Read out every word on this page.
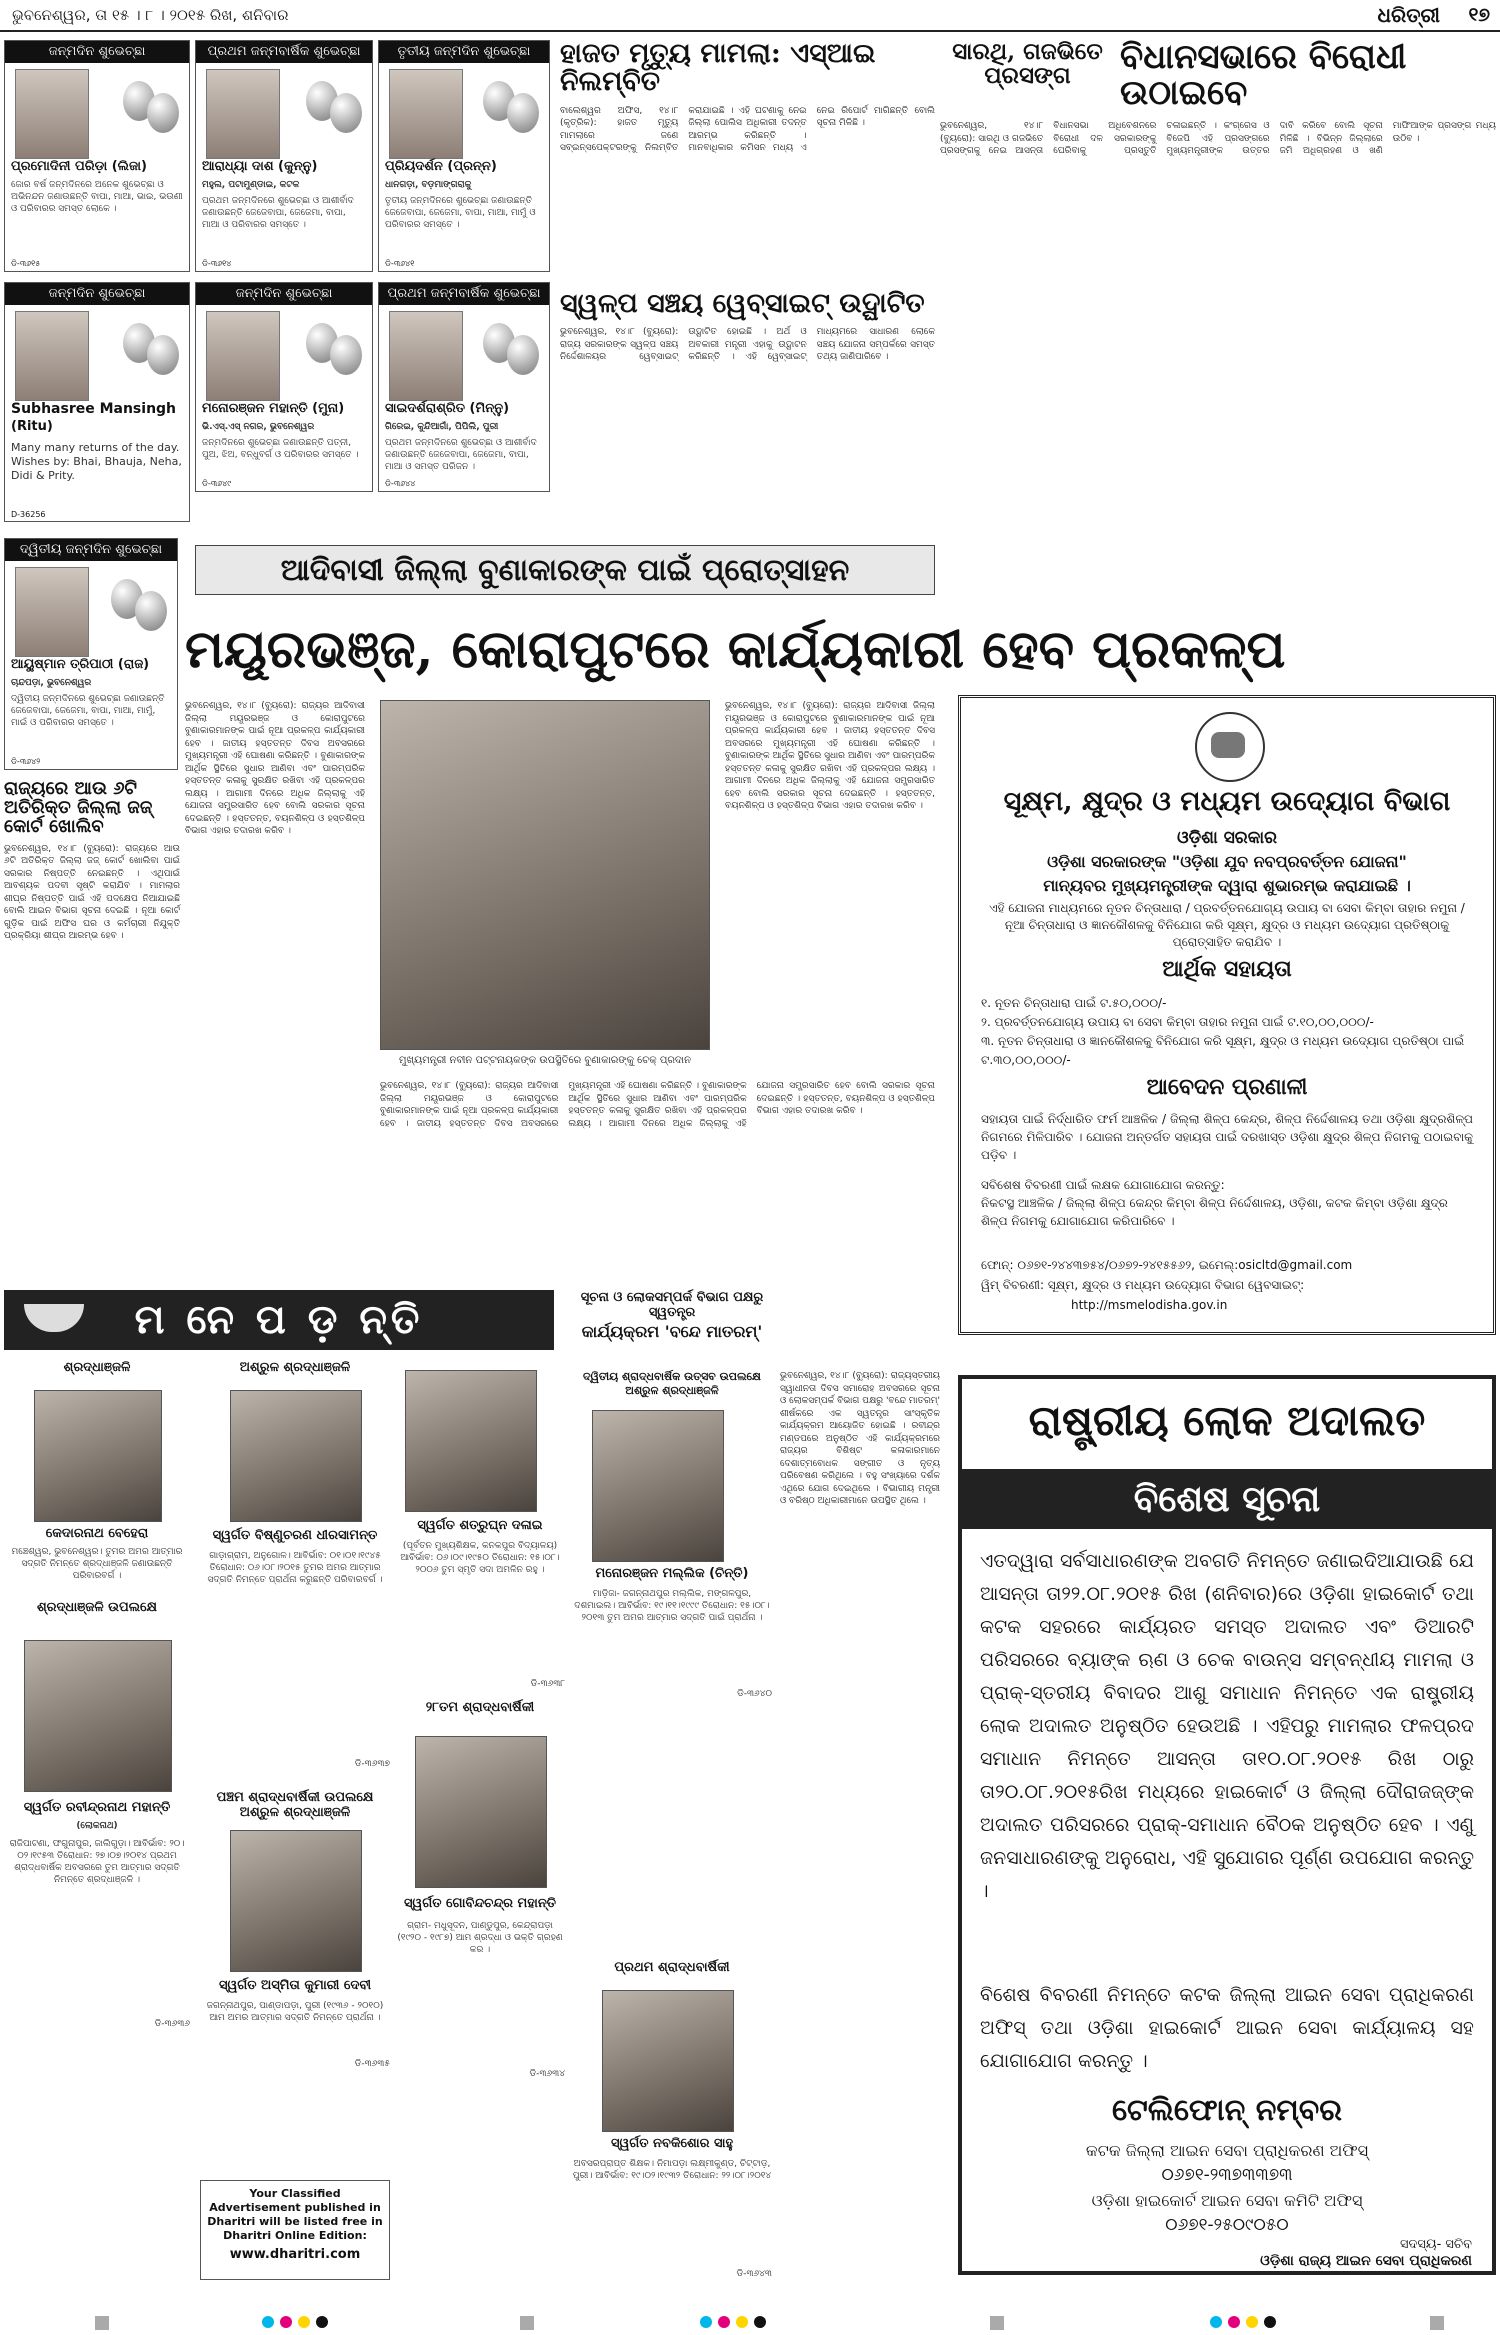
ଭୁବନେଶ୍ୱର, ତା ୧୫ । ୮ । ୨୦୧୫ ରିଖ, ଶନିବାର	ଧରିତ୍ରୀ ୧୭
ଜନ୍ମଦିନ ଶୁଭେଚ୍ଛା
ପ୍ରମୋଦିନୀ ପରିଡ଼ା (ଲିଜା)
ଜୋର ବର୍ଷ ଜନ୍ମଦିନରେ ଅନେକ ଶୁଭେଚ୍ଛା ଓ ଅଭିନନ୍ଦନ ଜଣାଉଛନ୍ତି ବାପା, ମାଆ, ଭାଇ, ଭଉଣୀ ଓ ପରିବାରର ସମସ୍ତ ଲୋକେ ।
ଡି-୩୬୧୫
ପ୍ରଥମ ଜନ୍ମବାର୍ଷିକ ଶୁଭେଚ୍ଛା
ଆରାଧ୍ୟା ଦାଶ (କୁନ୍ନୁ)
ମହୁଲ, ପଟାମୁଣ୍ଡାଇ, କଟକ
ପ୍ରଥମ ଜନ୍ମଦିନରେ ଶୁଭେଚ୍ଛା ଓ ଆଶୀର୍ବାଦ ଜଣାଉଛନ୍ତି ଜେଜେବାପା, ଜେଜେମା, ବାପା, ମାଆ ଓ ପରିବାରର ସମସ୍ତେ ।
ଡି-୩୬୧୪
ତୃତୀୟ ଜନ୍ମଦିନ ଶୁଭେଚ୍ଛା
ପ୍ରିୟଦର୍ଶନ (ପ୍ରନ୍ନ)
ଧାନଗଡ଼ା, ବଡ଼ମାଙ୍ଗରାକୁ
ତୃତୀୟ ଜନ୍ମଦିନରେ ଶୁଭେଚ୍ଛା ଜଣାଉଛନ୍ତି ଜେଜେବାପା, ଜେଜେମା, ବାପା, ମାଆ, ମାମୁଁ ଓ ପରିବାରର ସମସ୍ତେ ।
ଡି-୩୬୪୧
ଜନ୍ମଦିନ ଶୁଭେଚ୍ଛା
Subhasree Mansingh
(Ritu)
Many many returns of the day. Wishes by: Bhai, Bhauja, Neha, Didi & Prity.
D-36256
ଜନ୍ମଦିନ ଶୁଭେଚ୍ଛା
ମନୋରଞ୍ଜନ ମହାନ୍ତି (ମୁନା)
ଭି.ଏସ୍.ଏସ୍ ନଗର, ଭୁବନେଶ୍ୱର
ଜନ୍ମଦିନରେ ଶୁଭେଚ୍ଛା ଜଣାଉଛନ୍ତି ପତ୍ନୀ, ପୁଅ, ଝିଅ, ବନ୍ଧୁବର୍ଗ ଓ ପରିବାରର ସମସ୍ତେ ।
ଡି-୩୬୪୯
ପ୍ରଥମ ଜନ୍ମବାର୍ଷିକ ଶୁଭେଚ୍ଛା
ସାଇଦର୍ଶରାଶ୍ରିତ (ମିନ୍ନୁ)
ଗିରେଇ, କୁନ୍ଦିଆଗାଁ, ପିପିଲି, ପୁରୀ
ପ୍ରଥମ ଜନ୍ମଦିନରେ ଶୁଭେଚ୍ଛା ଓ ଆଶୀର୍ବାଦ ଜଣାଉଛନ୍ତି ଜେଜେବାପା, ଜେଜେମା, ବାପା, ମାଆ ଓ ସମସ୍ତ ପରିଜନ ।
ଡି-୩୬୪୪
ଦ୍ୱିତୀୟ ଜନ୍ମଦିନ ଶୁଭେଚ୍ଛା
ଆୟୁଷ୍ମାନ ତ୍ରିପାଠୀ (ରାଜ)
ଚାନ୍ଦପଡ଼ା, ଭୁବନେଶ୍ୱର
ଦ୍ୱିତୀୟ ଜନ୍ମଦିନରେ ଶୁଭେଚ୍ଛା ଜଣାଉଛନ୍ତି ଜେଜେବାପା, ଜେଜେମା, ବାପା, ମାଆ, ମାମୁଁ, ମାଇଁ ଓ ପରିବାରର ସମସ୍ତେ ।
ଡି-୩୬୪୨
ହାଜତ ମୃତ୍ୟୁ ମାମଲା: ଏସ୍ଆଇ ନିଲମ୍ବିତ
ବାଲେଶ୍ୱର ଅଫିସ, ୧୪।୮ (କୃତ୍ରିକ): ହାଜତ ମୃତ୍ୟୁ ମାମଲାରେ ଜଣେ ସବ୍ଇନ୍ସପେକ୍ଟରଙ୍କୁ ନିଲମ୍ବିତ କରାଯାଇଛି । ଏହି ଘଟଣାକୁ ନେଇ ଜିଲ୍ଲା ପୋଲିସ ଅଧିକାରୀ ତଦନ୍ତ ଆରମ୍ଭ କରିଛନ୍ତି । ମାନବାଧିକାର କମିସନ ମଧ୍ୟ ଏ ନେଇ ରିପୋର୍ଟ ମାଗିଛନ୍ତି ବୋଲି ସୂଚନା ମିଳିଛି ।
ସ୍ୱଳ୍ପ ସଞ୍ଚୟ ୱେବ୍ସାଇଟ୍ ଉଦ୍ଘାଟିତ
ଭୁବନେଶ୍ୱର, ୧୪।୮ (ବ୍ୟୁରୋ): ରାଜ୍ୟ ସରକାରଙ୍କ ସ୍ୱଳ୍ପ ସଞ୍ଚୟ ନିର୍ଦ୍ଦେଶାଳୟର ୱେବ୍ସାଇଟ୍ ଉଦ୍ଘାଟିତ ହୋଇଛି । ଅର୍ଥ ଓ ଅବକାରୀ ମନ୍ତ୍ରୀ ଏହାକୁ ଉଦ୍ଘାଟନ କରିଛନ୍ତି । ଏହି ୱେବ୍ସାଇଟ୍ ମାଧ୍ୟମରେ ସାଧାରଣ ଲୋକେ ସଞ୍ଚୟ ଯୋଜନା ସମ୍ପର୍କରେ ସମସ୍ତ ତଥ୍ୟ ଜାଣିପାରିବେ ।
ସାରଥି, ଗଜଭିତେ ପ୍ରସଙ୍ଗ	ବିଧାନସଭାରେ ବିରୋଧୀ ଉଠାଇବେ
ଭୁବନେଶ୍ୱର, ୧୪।୮ (ବ୍ୟୁରୋ): ସାରଥି ଓ ଗଜଭିତେ ପ୍ରସଙ୍ଗକୁ ନେଇ ଆସନ୍ତା ବିଧାନସଭା ଅଧିବେଶନରେ ବିରୋଧୀ ଦଳ ସରକାରଙ୍କୁ ଘେରିବାକୁ ପ୍ରସ୍ତୁତି ଚଳାଇଛନ୍ତି । କଂଗ୍ରେସ ଓ ବିଜେପି ଏହି ପ୍ରସଙ୍ଗରେ ମୁଖ୍ୟମନ୍ତ୍ରୀଙ୍କ ଉତ୍ତର ଦାବି କରିବେ ବୋଲି ସୂଚନା ମିଳିଛି । ବିଭିନ୍ନ ଜିଲ୍ଲାରେ ଜମି ଅଧିଗ୍ରହଣ ଓ ଖଣି ମାଫିଆଙ୍କ ପ୍ରସଙ୍ଗ ମଧ୍ୟ ଉଠିବ ।
ଆଦିବାସୀ ଜିଲ୍ଲା ବୁଣାକାରଙ୍କ ପାଇଁ ପ୍ରୋତ୍ସାହନ
ମୟୂରଭଞ୍ଜ, କୋରାପୁଟରେ କାର୍ଯ୍ୟକାରୀ ହେବ ପ୍ରକଳ୍ପ
ଭୁବନେଶ୍ୱର, ୧୪।୮ (ବ୍ୟୁରୋ): ରାଜ୍ୟର ଆଦିବାସୀ ଜିଲ୍ଲା ମୟୂରଭଞ୍ଜ ଓ କୋରାପୁଟରେ ବୁଣାକାରମାନଙ୍କ ପାଇଁ ନୂଆ ପ୍ରକଳ୍ପ କାର୍ଯ୍ୟକାରୀ ହେବ । ଜାତୀୟ ହସ୍ତତନ୍ତ ଦିବସ ଅବସରରେ ମୁଖ୍ୟମନ୍ତ୍ରୀ ଏହି ଘୋଷଣା କରିଛନ୍ତି । ବୁଣାକାରଙ୍କ ଆର୍ଥିକ ସ୍ଥିତିରେ ସୁଧାର ଆଣିବା ଏବଂ ପାରମ୍ପରିକ ହସ୍ତତନ୍ତ କଳାକୁ ସୁରକ୍ଷିତ ରଖିବା ଏହି ପ୍ରକଳ୍ପର ଲକ୍ଷ୍ୟ । ଆଗାମୀ ଦିନରେ ଅଧିକ ଜିଲ୍ଲାକୁ ଏହି ଯୋଜନା ସମ୍ପ୍ରସାରିତ ହେବ ବୋଲି ସରକାର ସୂଚନା ଦେଇଛନ୍ତି । ହସ୍ତତନ୍ତ, ବୟନଶିଳ୍ପ ଓ ହସ୍ତଶିଳ୍ପ ବିଭାଗ ଏହାର ତଦାରଖ କରିବ ।
ମୁଖ୍ୟମନ୍ତ୍ରୀ ନବୀନ ପଟ୍ଟନାୟକଙ୍କ ଉପସ୍ଥିତିରେ ବୁଣାକାରଙ୍କୁ ଚେକ୍ ପ୍ରଦାନ
ଭୁବନେଶ୍ୱର, ୧୪।୮ (ବ୍ୟୁରୋ): ରାଜ୍ୟର ଆଦିବାସୀ ଜିଲ୍ଲା ମୟୂରଭଞ୍ଜ ଓ କୋରାପୁଟରେ ବୁଣାକାରମାନଙ୍କ ପାଇଁ ନୂଆ ପ୍ରକଳ୍ପ କାର୍ଯ୍ୟକାରୀ ହେବ । ଜାତୀୟ ହସ୍ତତନ୍ତ ଦିବସ ଅବସରରେ ମୁଖ୍ୟମନ୍ତ୍ରୀ ଏହି ଘୋଷଣା କରିଛନ୍ତି । ବୁଣାକାରଙ୍କ ଆର୍ଥିକ ସ୍ଥିତିରେ ସୁଧାର ଆଣିବା ଏବଂ ପାରମ୍ପରିକ ହସ୍ତତନ୍ତ କଳାକୁ ସୁରକ୍ଷିତ ରଖିବା ଏହି ପ୍ରକଳ୍ପର ଲକ୍ଷ୍ୟ । ଆଗାମୀ ଦିନରେ ଅଧିକ ଜିଲ୍ଲାକୁ ଏହି ଯୋଜନା ସମ୍ପ୍ରସାରିତ ହେବ ବୋଲି ସରକାର ସୂଚନା ଦେଇଛନ୍ତି । ହସ୍ତତନ୍ତ, ବୟନଶିଳ୍ପ ଓ ହସ୍ତଶିଳ୍ପ ବିଭାଗ ଏହାର ତଦାରଖ କରିବ ।
ଭୁବନେଶ୍ୱର, ୧୪।୮ (ବ୍ୟୁରୋ): ରାଜ୍ୟର ଆଦିବାସୀ ଜିଲ୍ଲା ମୟୂରଭଞ୍ଜ ଓ କୋରାପୁଟରେ ବୁଣାକାରମାନଙ୍କ ପାଇଁ ନୂଆ ପ୍ରକଳ୍ପ କାର୍ଯ୍ୟକାରୀ ହେବ । ଜାତୀୟ ହସ୍ତତନ୍ତ ଦିବସ ଅବସରରେ ମୁଖ୍ୟମନ୍ତ୍ରୀ ଏହି ଘୋଷଣା କରିଛନ୍ତି । ବୁଣାକାରଙ୍କ ଆର୍ଥିକ ସ୍ଥିତିରେ ସୁଧାର ଆଣିବା ଏବଂ ପାରମ୍ପରିକ ହସ୍ତତନ୍ତ କଳାକୁ ସୁରକ୍ଷିତ ରଖିବା ଏହି ପ୍ରକଳ୍ପର ଲକ୍ଷ୍ୟ । ଆଗାମୀ ଦିନରେ ଅଧିକ ଜିଲ୍ଲାକୁ ଏହି ଯୋଜନା ସମ୍ପ୍ରସାରିତ ହେବ ବୋଲି ସରକାର ସୂଚନା ଦେଇଛନ୍ତି । ହସ୍ତତନ୍ତ, ବୟନଶିଳ୍ପ ଓ ହସ୍ତଶିଳ୍ପ ବିଭାଗ ଏହାର ତଦାରଖ କରିବ ।
ରାଜ୍ୟରେ ଆଉ ୬ଟି ଅତିରିକ୍ତ ଜିଲ୍ଲା ଜଜ୍ କୋର୍ଟ ଖୋଲିବ
ଭୁବନେଶ୍ୱର, ୧୪।୮ (ବ୍ୟୁରୋ): ରାଜ୍ୟରେ ଆଉ ୬ଟି ଅତିରିକ୍ତ ଜିଲ୍ଲା ଜଜ୍ କୋର୍ଟ ଖୋଲିବା ପାଇଁ ସରକାର ନିଷ୍ପତ୍ତି ନେଇଛନ୍ତି । ଏଥିପାଇଁ ଆବଶ୍ୟକ ପଦବୀ ସୃଷ୍ଟି କରାଯିବ । ମାମଲାର ଶୀଘ୍ର ନିଷ୍ପତ୍ତି ପାଇଁ ଏହି ପଦକ୍ଷେପ ନିଆଯାଇଛି ବୋଲି ଆଇନ ବିଭାଗ ସୂଚନା ଦେଇଛି । ନୂଆ କୋର୍ଟ ଗୁଡ଼ିକ ପାଇଁ ଅଫିସ ଘର ଓ କର୍ମଚାରୀ ନିଯୁକ୍ତି ପ୍ରକ୍ରିୟା ଶୀଘ୍ର ଆରମ୍ଭ ହେବ ।
ସୂକ୍ଷ୍ମ, କ୍ଷୁଦ୍ର ଓ ମଧ୍ୟମ ଉଦ୍ୟୋଗ ବିଭାଗ
ଓଡ଼ିଶା ସରକାର
ଓଡ଼ିଶା ସରକାରଙ୍କ "ଓଡ଼ିଶା ଯୁବ ନବପ୍ରବର୍ତ୍ତନ ଯୋଜନା"
ମାନ୍ୟବର ମୁଖ୍ୟମନ୍ତ୍ରୀଙ୍କ ଦ୍ୱାରା ଶୁଭାରମ୍ଭ କରାଯାଇଛି ।
ଏହି ଯୋଜନା ମାଧ୍ୟମରେ ନୂତନ ଚିନ୍ତାଧାରା / ପ୍ରବର୍ତ୍ତନଯୋଗ୍ୟ ଉପାୟ ବା ସେବା କିମ୍ବା ତାହାର ନମୁନା / ନୂଆ ଚିନ୍ତାଧାରା ଓ ଜ୍ଞାନକୌଶଳକୁ ବିନିଯୋଗ କରି ସୂକ୍ଷ୍ମ, କ୍ଷୁଦ୍ର ଓ ମଧ୍ୟମ ଉଦ୍ୟୋଗ ପ୍ରତିଷ୍ଠାକୁ ପ୍ରୋତ୍ସାହିତ କରାଯିବ ।
ଆର୍ଥିକ ସହାୟତା
୧. ନୂତନ ଚିନ୍ତାଧାରା ପାଇଁ ଟ.୫୦,୦୦୦/-
୨. ପ୍ରବର୍ତ୍ତନଯୋଗ୍ୟ ଉପାୟ ବା ସେବା କିମ୍ବା ତାହାର ନମୁନା ପାଇଁ ଟ.୧୦,୦୦,୦୦୦/-
୩. ନୂତନ ଚିନ୍ତାଧାରା ଓ ଜ୍ଞାନକୌଶଳକୁ ବିନିଯୋଗ କରି ସୂକ୍ଷ୍ମ, କ୍ଷୁଦ୍ର ଓ ମଧ୍ୟମ ଉଦ୍ୟୋଗ ପ୍ରତିଷ୍ଠା ପାଇଁ ଟ.୩୦,୦୦,୦୦୦/-
ଆବେଦନ ପ୍ରଣାଳୀ
ସହାୟତା ପାଇଁ ନିର୍ଦ୍ଧାରିତ ଫର୍ମ ଆଞ୍ଚଳିକ / ଜିଲ୍ଲା ଶିଳ୍ପ କେନ୍ଦ୍ର, ଶିଳ୍ପ ନିର୍ଦ୍ଦେଶାଳୟ ତଥା ଓଡ଼ିଶା କ୍ଷୁଦ୍ରଶିଳ୍ପ ନିଗମରେ ମିଳିପାରିବ । ଯୋଜନା ଅନ୍ତର୍ଗତ ସହାୟତା ପାଇଁ ଦରଖାସ୍ତ ଓଡ଼ିଶା କ୍ଷୁଦ୍ର ଶିଳ୍ପ ନିଗମକୁ ପଠାଇବାକୁ ପଡ଼ିବ ।
ସବିଶେଷ ବିବରଣୀ ପାଇଁ ଲକ୍ଷକ ଯୋଗାଯୋଗ କରନ୍ତୁ:
ନିକଟସ୍ଥ ଆଞ୍ଚଳିକ / ଜିଲ୍ଲା ଶିଳ୍ପ କେନ୍ଦ୍ର କିମ୍ବା ଶିଳ୍ପ ନିର୍ଦ୍ଦେଶାଳୟ, ଓଡ଼ିଶା, କଟକ କିମ୍ବା ଓଡ଼ିଶା କ୍ଷୁଦ୍ର ଶିଳ୍ପ ନିଗମକୁ ଯୋଗାଯୋଗ କରିପାରିବେ ।
ଫୋନ୍: ୦୬୭୧-୨୪୪୩୭୫୪/୦୬୭୨-୨୪୧୫୫୬୨, ଇମେଲ୍:osicltd@gmail.com
ୱିମ୍ ବିବରଣୀ: ସୂକ୍ଷ୍ମ, କ୍ଷୁଦ୍ର ଓ ମଧ୍ୟମ ଉଦ୍ୟୋଗ ବିଭାଗ ୱେବସାଇଟ୍:
http://msmelodisha.gov.in
ମ ନେ ପ ଡ଼ ନ୍ତି
ଶ୍ରଦ୍ଧାଞ୍ଜଳି
କେଦାରନାଥ ବେହେରା
ମଞ୍ଚେଶ୍ୱର, ଭୁବନେଶ୍ୱର। ତୁମର ଅମର ଆତ୍ମାର ସଦ୍ଗତି ନିମନ୍ତେ ଶ୍ରଦ୍ଧାଞ୍ଜଳି ଜଣାଉଛନ୍ତି ପରିବାରବର୍ଗ ।
ଶ୍ରଦ୍ଧାଞ୍ଜଳି ଉପଲକ୍ଷେ
ସ୍ୱର୍ଗତ ରବୀନ୍ଦ୍ରନାଥ ମହାନ୍ତି
(ଲୋକନାଥ)
ରାଜିପାଟଣା, ଫଗୁନାପୁର, ଜାଲିଗୁଡ଼ା। ଆବିର୍ଭାବ: ୨୦।୦୨।୧୯୫୩ ତିରୋଧାନ: ୨୭।୦୭।୨୦୧୪ ପ୍ରଥମ ଶ୍ରାଦ୍ଧବାର୍ଷିକ ଅବସରରେ ତୁମ ଆତ୍ମାର ସଦ୍ଗତି ନିମନ୍ତେ ଶ୍ରଦ୍ଧାଞ୍ଜଳି ।
ଡି-୩୬୩୬
ଅଶ୍ରୁଳ ଶ୍ରଦ୍ଧାଞ୍ଜଳି
ସ୍ୱର୍ଗତ ବିଷ୍ଣୁଚରଣ ଧୀରସାମନ୍ତ
ଗାଡ଼ାଗ୍ରାମ, ଅନୁଗୋଳ। ଆବିର୍ଭାବ: ୦୧।୦୧।୧୯୪୫ ତିରୋଧାନ: ୦୬।୦୮।୨୦୧୫ ତୁମର ଅମର ଆତ୍ମାର ସଦ୍ଗତି ନିମନ୍ତେ ପ୍ରାର୍ଥନା କରୁଛନ୍ତି ପରିବାରବର୍ଗ ।
ଡି-୩୬୩୭
ପଞ୍ଚମ ଶ୍ରାଦ୍ଧବାର୍ଷିକୀ ଉପଲକ୍ଷେ ଅଶ୍ରୁଳ ଶ୍ରଦ୍ଧାଞ୍ଜଳି
ସ୍ୱର୍ଗତ ଅସ୍ମିତା କୁମାରୀ ଦେବୀ
ଜଗନ୍ନାଥପୁର, ପାଣ୍ଡାପଡ଼ା, ପୁରୀ (୧୯୩୬ - ୨୦୧୦) ଆମ ଅମର ଆତ୍ମାର ସଦ୍ଗତି ନିମନ୍ତେ ପ୍ରାର୍ଥନା ।
ଡି-୩୬୩୫
ସ୍ୱର୍ଗତ ଶତ୍ରୁଘ୍ନ ଦଳାଇ
(ପୂର୍ବତନ ମୁଖ୍ୟଶିକ୍ଷକ, କନକପୁର ବିଦ୍ୟାଳୟ) ଆବିର୍ଭାବ: ୦୬।୦୯।୧୯୫୦ ତିରୋଧାନ: ୧୫।୦୮।୨୦୦୬ ତୁମ ସ୍ମୃତି ସଦା ଅମଳିନ ରହୁ ।
ଡି-୩୬୩୮
୨୮ତମ ଶ୍ରାଦ୍ଧବାର୍ଷିକୀ
ସ୍ୱର୍ଗତ ଗୋବିନ୍ଦଚନ୍ଦ୍ର ମହାନ୍ତି
ଗ୍ରାମ- ମଧୁସୂଦନ, ପାଣ୍ଡୁପୁର, କେନ୍ଦ୍ରାପଡ଼ା (୧୯୨୦ - ୧୯୮୭) ଆମ ଶ୍ରଦ୍ଧା ଓ ଭକ୍ତି ଗ୍ରହଣ କର ।
ଡି-୩୬୩୪
ସୂଚନା ଓ ଲୋକସମ୍ପର୍କ ବିଭାଗ ପକ୍ଷରୁ ସ୍ୱତନ୍ତ୍ର
କାର୍ଯ୍ୟକ୍ରମ 'ବନ୍ଦେ ମାତରମ୍'
ଦ୍ୱିତୀୟ ଶ୍ରାଦ୍ଧବାର୍ଷିକ ଉତ୍ସବ ଉପଲକ୍ଷେ ଅଶ୍ରୁଳ ଶ୍ରଦ୍ଧାଞ୍ଜଳି
ମନୋରଞ୍ଜନ ମଲ୍ଲିକ (ଚିନ୍ତି)
ମାଡ଼ିଜା- ଜଗନ୍ନାଥପୁର ମଲ୍ଲିକ, ମଙ୍ଗଳପୁର, ଦଶମାଇଲ। ଆବିର୍ଭାବ: ୧୯।୧୧।୧୯୯୯ ତିରୋଧାନ: ୧୫।୦୮।୨୦୧୩ ତୁମ ଅମର ଆତ୍ମାର ସଦ୍ଗତି ପାଇଁ ପ୍ରାର୍ଥନା ।
ଡି-୩୬୪୦
ଭୁବନେଶ୍ୱର, ୧୪।୮ (ବ୍ୟୁରୋ): ରାଜ୍ୟସ୍ତରୀୟ ସ୍ୱାଧୀନତା ଦିବସ ସମାରୋହ ଅବସରରେ ସୂଚନା ଓ ଲୋକସମ୍ପର୍କ ବିଭାଗ ପକ୍ଷରୁ 'ବନ୍ଦେ ମାତରମ୍' ଶୀର୍ଷକରେ ଏକ ସ୍ୱତନ୍ତ୍ର ସାଂସ୍କୃତିକ କାର୍ଯ୍ୟକ୍ରମ ଆୟୋଜିତ ହୋଇଛି । ରବୀନ୍ଦ୍ର ମଣ୍ଡପରେ ଅନୁଷ୍ଠିତ ଏହି କାର୍ଯ୍ୟକ୍ରମରେ ରାଜ୍ୟର ବିଶିଷ୍ଟ କଳାକାରମାନେ ଦେଶାତ୍ମବୋଧକ ସଙ୍ଗୀତ ଓ ନୃତ୍ୟ ପରିବେଷଣ କରିଥିଲେ । ବହୁ ସଂଖ୍ୟାରେ ଦର୍ଶକ ଏଥିରେ ଯୋଗ ଦେଇଥିଲେ । ବିଭାଗୀୟ ମନ୍ତ୍ରୀ ଓ ବରିଷ୍ଠ ଅଧିକାରୀମାନେ ଉପସ୍ଥିତ ଥିଲେ ।
ପ୍ରଥମ ଶ୍ରାଦ୍ଧବାର୍ଷିକୀ
ସ୍ୱର୍ଗତ ନବକିଶୋର ସାହୁ
ଅବସରପ୍ରାପ୍ତ ଶିକ୍ଷକ। ନିମାପଡ଼ା ଲକ୍ଷ୍ମୀକୁଣ୍ଡ, ଚିଟ୍ଟାଡ଼, ପୁରୀ। ଆବିର୍ଭାବ: ୧୯।୦୨।୧୯୩୨ ତିରୋଧାନ: ୨୨।୦୮।୨୦୧୪
ଡି-୩୬୪୩
Your Classified Advertisement published in Dharitri will be listed free in Dharitri Online Edition:
www.dharitri.com
ରାଷ୍ଟ୍ରୀୟ ଲୋକ ଅଦାଲତ
ବିଶେଷ ସୂଚନା
ଏତଦ୍ୱାରା ସର୍ବସାଧାରଣଙ୍କ ଅବଗତି ନିମନ୍ତେ ଜଣାଇଦିଆଯାଉଛି ଯେ ଆସନ୍ତା ତା୨୨.୦୮.୨୦୧୫ ରିଖ (ଶନିବାର)ରେ ଓଡ଼ିଶା ହାଇକୋର୍ଟ ତଥା କଟକ ସହରରେ କାର୍ଯ୍ୟରତ ସମସ୍ତ ଅଦାଲତ ଏବଂ ଡିଆରଟି ପରିସରରେ ବ୍ୟାଙ୍କ ଋଣ ଓ ଚେକ ବାଉନ୍ସ ସମ୍ବନ୍ଧୀୟ ମାମଲା ଓ ପ୍ରାକ୍-ସ୍ତରୀୟ ବିବାଦର ଆଶୁ ସମାଧାନ ନିମନ୍ତେ ଏକ ରାଷ୍ଟ୍ରୀୟ ଲୋକ ଅଦାଲତ ଅନୁଷ୍ଠିତ ହେଉଅଛି । ଏହିପରୁ ମାମଲାର ଫଳପ୍ରଦ ସମାଧାନ ନିମନ୍ତେ ଆସନ୍ତା ତା୧୦.୦୮.୨୦୧୫ ରିଖ ଠାରୁ ତା୨୦.୦୮.୨୦୧୫ରିଖ ମଧ୍ୟରେ ହାଇକୋର୍ଟ ଓ ଜିଲ୍ଲା ଦୌରାଜଜ୍ଙ୍କ ଅଦାଲତ ପରିସରରେ ପ୍ରାକ୍-ସମାଧାନ ବୈଠକ ଅନୁଷ୍ଠିତ ହେବ । ଏଣୁ ଜନସାଧାରଣଙ୍କୁ ଅନୁରୋଧ, ଏହି ସୁଯୋଗର ପୂର୍ଣ୍ଣ ଉପଯୋଗ କରନ୍ତୁ ।
ବିଶେଷ ବିବରଣୀ ନିମନ୍ତେ କଟକ ଜିଲ୍ଲା ଆଇନ ସେବା ପ୍ରାଧିକରଣ ଅଫିସ୍ ତଥା ଓଡ଼ିଶା ହାଇକୋର୍ଟ ଆଇନ ସେବା କାର୍ଯ୍ୟାଳୟ ସହ ଯୋଗାଯୋଗ କରନ୍ତୁ ।
ଟେଲିଫୋନ୍ ନମ୍ବର
କଟକ ଜିଲ୍ଲା ଆଇନ ସେବା ପ୍ରାଧିକରଣ ଅଫିସ୍
୦୬୭୧-୨୩୭୩୩୭୩
ଓଡ଼ିଶା ହାଇକୋର୍ଟ ଆଇନ ସେବା କମିଟି ଅଫିସ୍
୦୬୭୧-୨୫୦୯୦୫୦
ସଦସ୍ୟ- ସଚିବ
ଓଡ଼ିଶା ରାଜ୍ୟ ଆଇନ ସେବା ପ୍ରାଧିକରଣ
